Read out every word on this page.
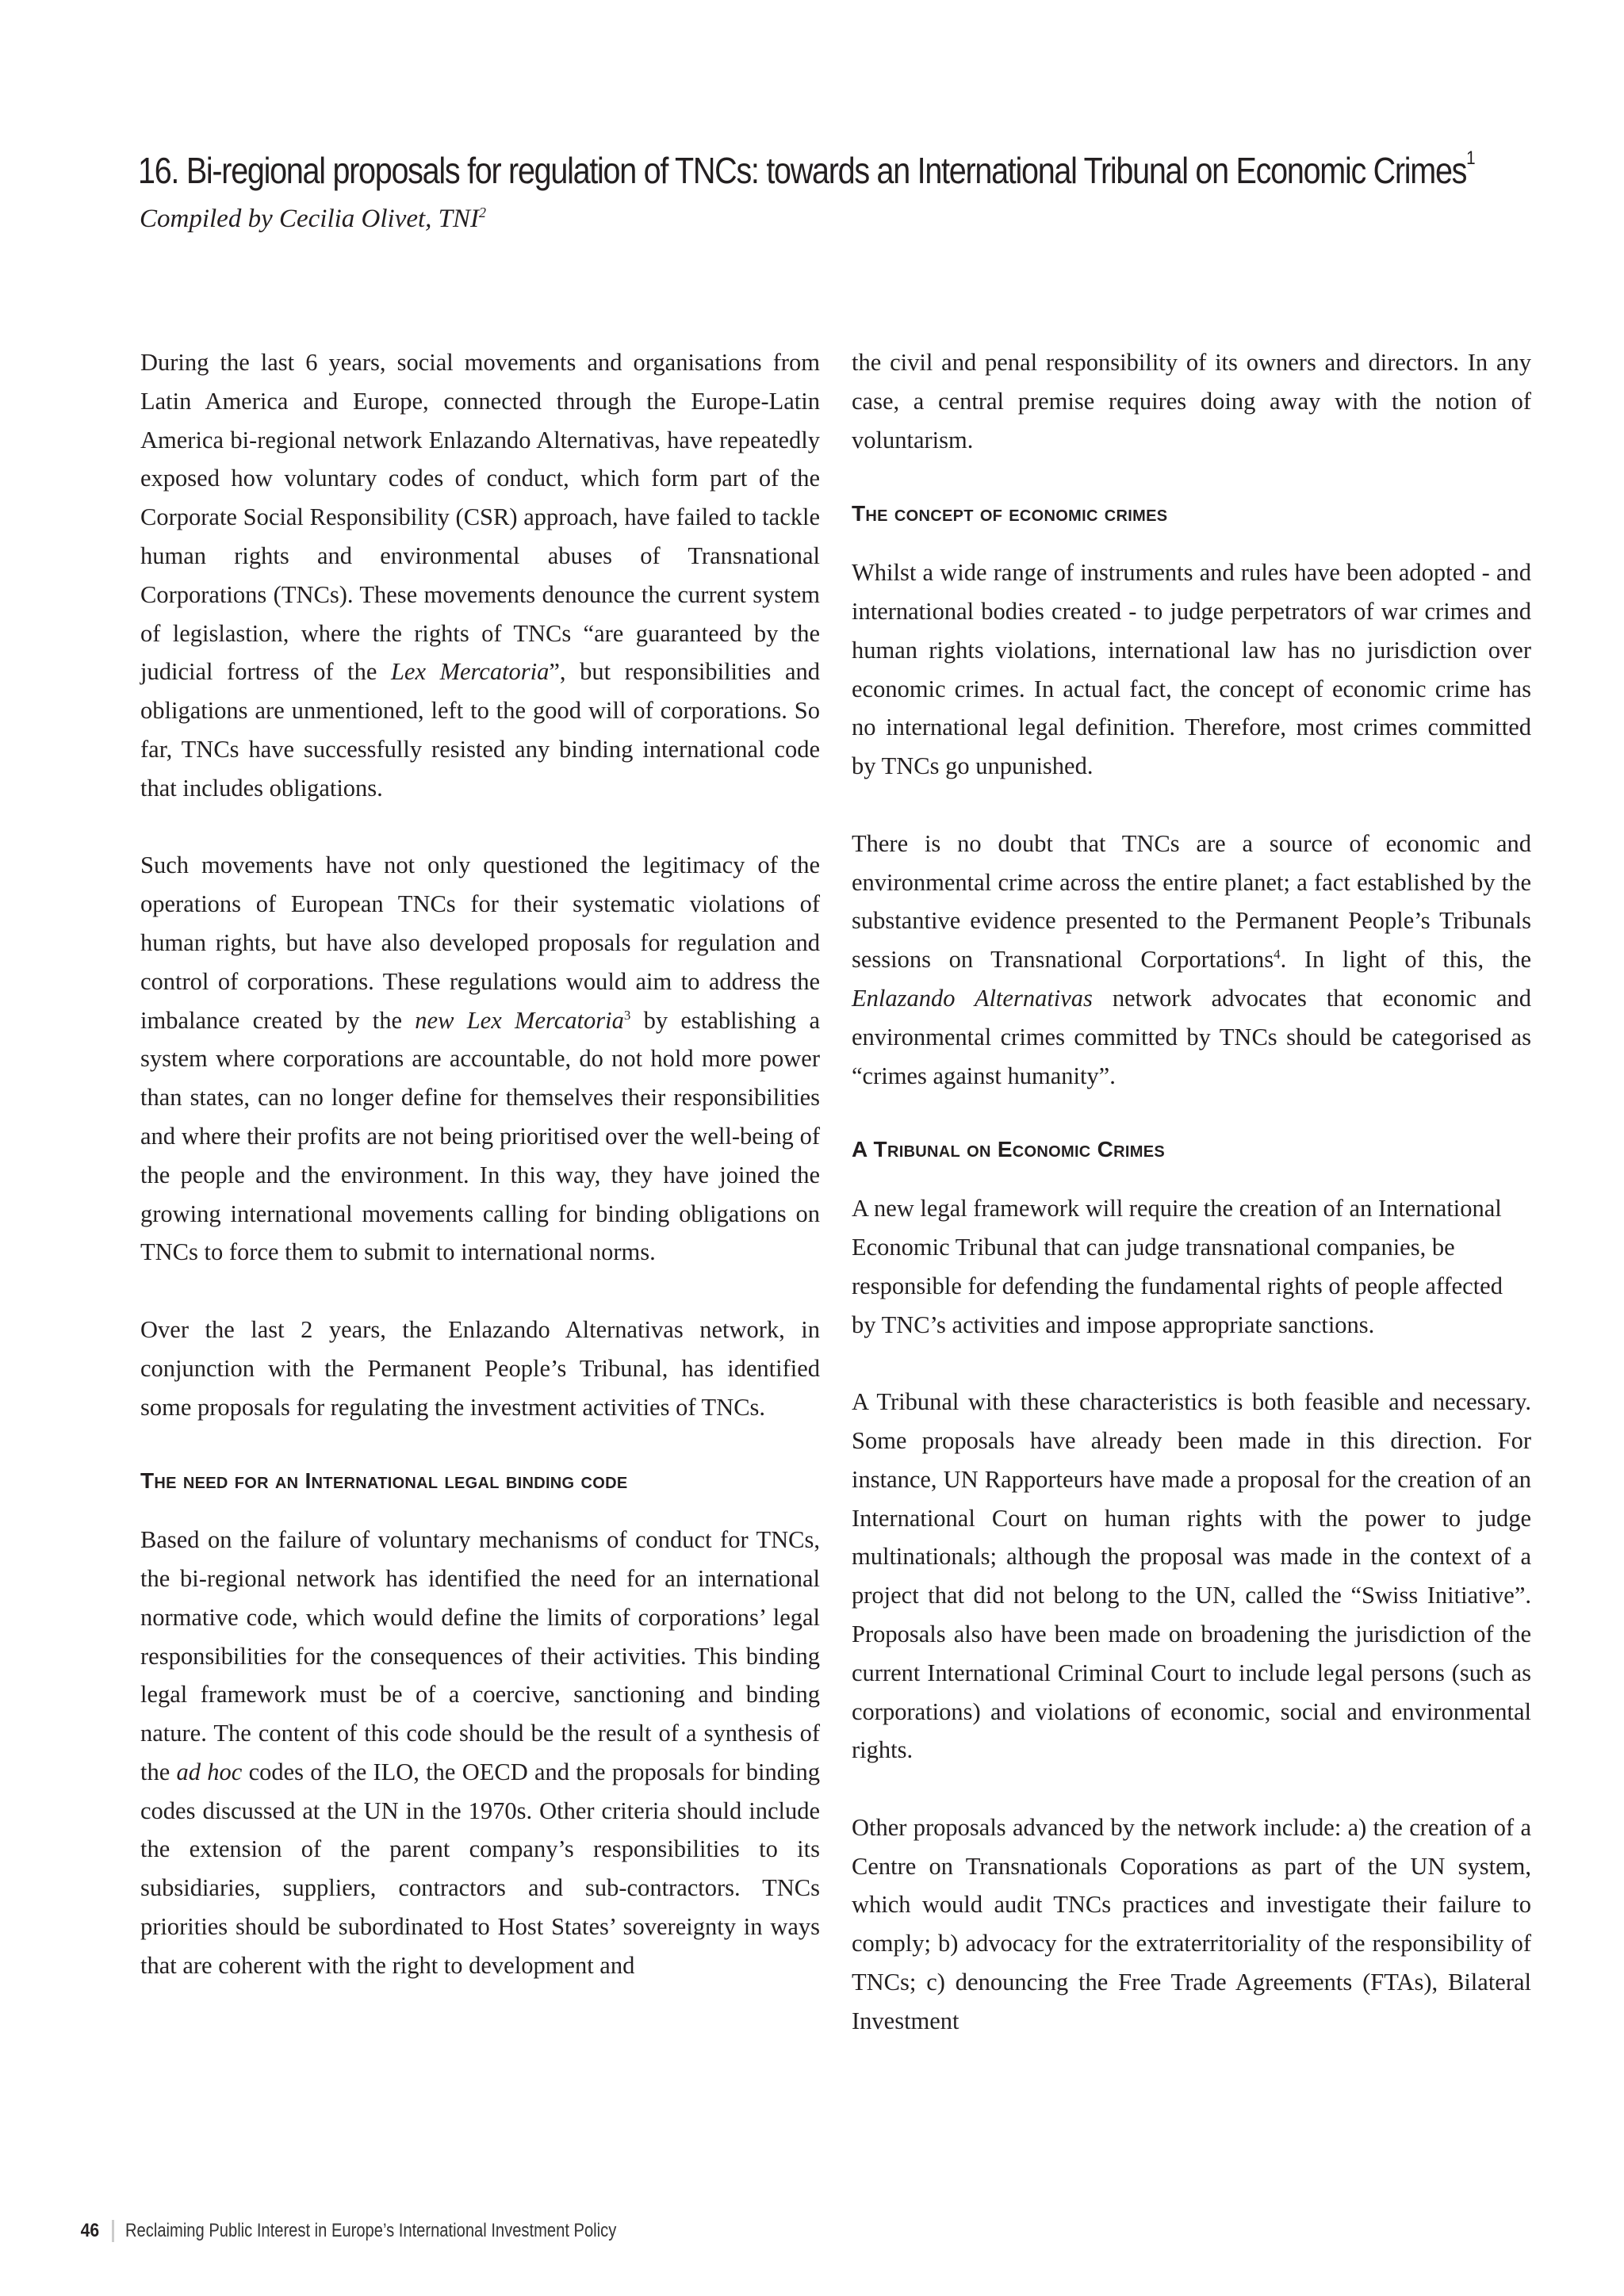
16. Bi-regional proposals for regulation of TNCs: towards an International Tribunal on Economic Crimes$^1$

Compiled by Cecilia Olivet, TNI$^2$

During the last 6 years, social movements and organisations from Latin America and Europe, connected through the Europe-Latin America bi-regional network Enlazando Alternativas, have repeatedly exposed how voluntary codes of conduct, which form part of the Corporate Social Responsibility (CSR) approach, have failed to tackle human rights and environmental abuses of Transnational Corporations (TNCs). These movements denounce the current system of legislastion, where the rights of TNCs “are guaranteed by the judicial fortress of the Lex Mercatoria”, but responsibilities and obligations are unmentioned, left to the good will of corporations. So far, TNCs have successfully resisted any binding international code that includes obligations.

Such movements have not only questioned the legitimacy of the operations of European TNCs for their systematic violations of human rights, but have also developed proposals for regulation and control of corporations. These regulations would aim to address the imbalance created by the new Lex Mercatoria$^3$ by establishing a system where corporations are accountable, do not hold more power than states, can no longer define for themselves their responsibilities and where their profits are not being prioritised over the well-being of the people and the environment. In this way, they have joined the growing international movements calling for binding obligations on TNCs to force them to submit to international norms.

Over the last 2 years, the Enlazando Alternativas network, in conjunction with the Permanent People’s Tribunal, has identified some proposals for regulating the investment activities of TNCs.

The need for an International legal binding code

Based on the failure of voluntary mechanisms of conduct for TNCs, the bi-regional network has identified the need for an international normative code, which would define the limits of corporations’ legal responsibilities for the consequences of their activities. This binding legal framework must be of a coercive, sanctioning and binding nature. The content of this code should be the result of a synthesis of the ad hoc codes of the ILO, the OECD and the proposals for binding codes discussed at the UN in the 1970s. Other criteria should include the extension of the parent company’s responsibilities to its subsidiaries, suppliers, contractors and sub-contractors. TNCs priorities should be subordinated to Host States’ sovereignty in ways that are coherent with the right to development and

the civil and penal responsibility of its owners and directors. In any case, a central premise requires doing away with the notion of voluntarism.

The concept of economic crimes

Whilst a wide range of instruments and rules have been adopted - and international bodies created - to judge perpetrators of war crimes and human rights violations, international law has no jurisdiction over economic crimes. In actual fact, the concept of economic crime has no international legal definition. Therefore, most crimes committed by TNCs go unpunished.

There is no doubt that TNCs are a source of economic and environmental crime across the entire planet; a fact established by the substantive evidence presented to the Permanent People’s Tribunals sessions on Transnational Corportations$^4$. In light of this, the Enlazando Alternativas network advocates that economic and environmental crimes committed by TNCs should be categorised as “crimes against humanity”.

A Tribunal on Economic Crimes

A new legal framework will require the creation of an International Economic Tribunal that can judge transnational companies, be responsible for defending the fundamental rights of people affected by TNC’s activities and impose appropriate sanctions.

A Tribunal with these characteristics is both feasible and necessary. Some proposals have already been made in this direction. For instance, UN Rapporteurs have made a proposal for the creation of an International Court on human rights with the power to judge multinationals; although the proposal was made in the context of a project that did not belong to the UN, called the “Swiss Initiative”. Proposals also have been made on broadening the jurisdiction of the current International Criminal Court to include legal persons (such as corporations) and violations of economic, social and environmental rights.

Other proposals advanced by the network include: a) the creation of a Centre on Transnationals Coporations as part of the UN system, which would audit TNCs practices and investigate their failure to comply; b) advocacy for the extraterritoriality of the responsibility of TNCs; c) denouncing the Free Trade Agreements (FTAs), Bilateral Investment

46 Reclaiming Public Interest in Europe’s International Investment Policy
